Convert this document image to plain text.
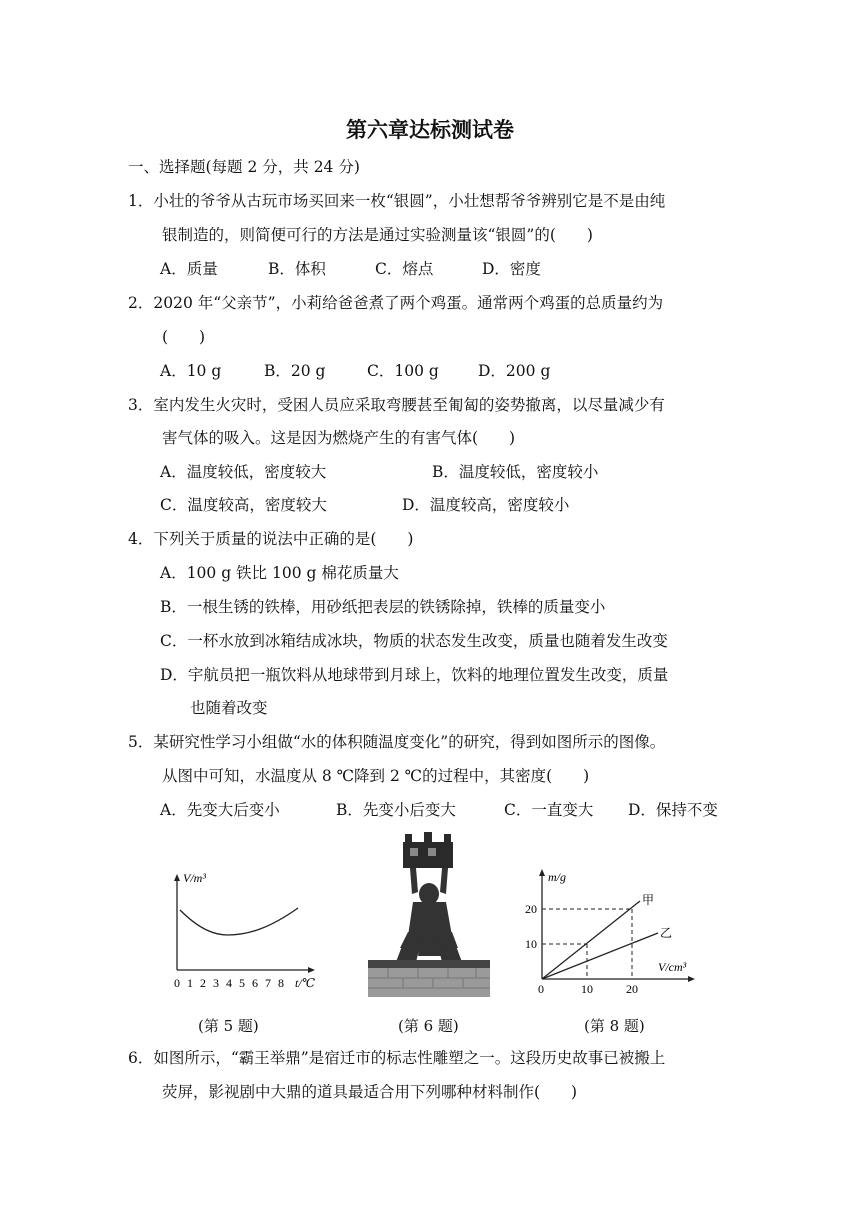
第六章达标测试卷
一、选择题(每题 2 分，共 24 分)
1．小壮的爷爷从古玩市场买回来一枚“银圆”，小壮想帮爷爷辨别它是不是由纯
银制造的，则简便可行的方法是通过实验测量该“银圆”的(　　)
A．质量	B．体积	C．熔点	D．密度
2．2020 年“父亲节”，小莉给爸爸煮了两个鸡蛋。通常两个鸡蛋的总质量约为
(　　)
A．10 g	B．20 g	C．100 g	D．200 g
3．室内发生火灾时，受困人员应采取弯腰甚至匍匐的姿势撤离，以尽量减少有
害气体的吸入。这是因为燃烧产生的有害气体(　　)
A．温度较低，密度较大	B．温度较低，密度较小
C．温度较高，密度较大	D．温度较高，密度较小
4．下列关于质量的说法中正确的是(　　)
A．100 g 铁比 100 g 棉花质量大
B．一根生锈的铁棒，用砂纸把表层的铁锈除掉，铁棒的质量变小
C．一杯水放到冰箱结成冰块，物质的状态发生改变，质量也随着发生改变
D．宇航员把一瓶饮料从地球带到月球上，饮料的地理位置发生改变，质量
也随着改变
5．某研究性学习小组做“水的体积随温度变化”的研究，得到如图所示的图像。
从图中可知，水温度从 8 ℃降到 2 ℃的过程中，其密度(　　)
A．先变大后变小	B．先变小后变大	C．一直变大 D．保持不变
V/m³
0 1 2 3 4 5 6 7 8 t/℃
m/g
V/cm³
甲
乙
20
10
0	10	20
(第 5 题)	(第 6 题)	(第 8 题)
6．如图所示，“霸王举鼎”是宿迁市的标志性雕塑之一。这段历史故事已被搬上
荧屏，影视剧中大鼎的道具最适合用下列哪种材料制作(　　)
